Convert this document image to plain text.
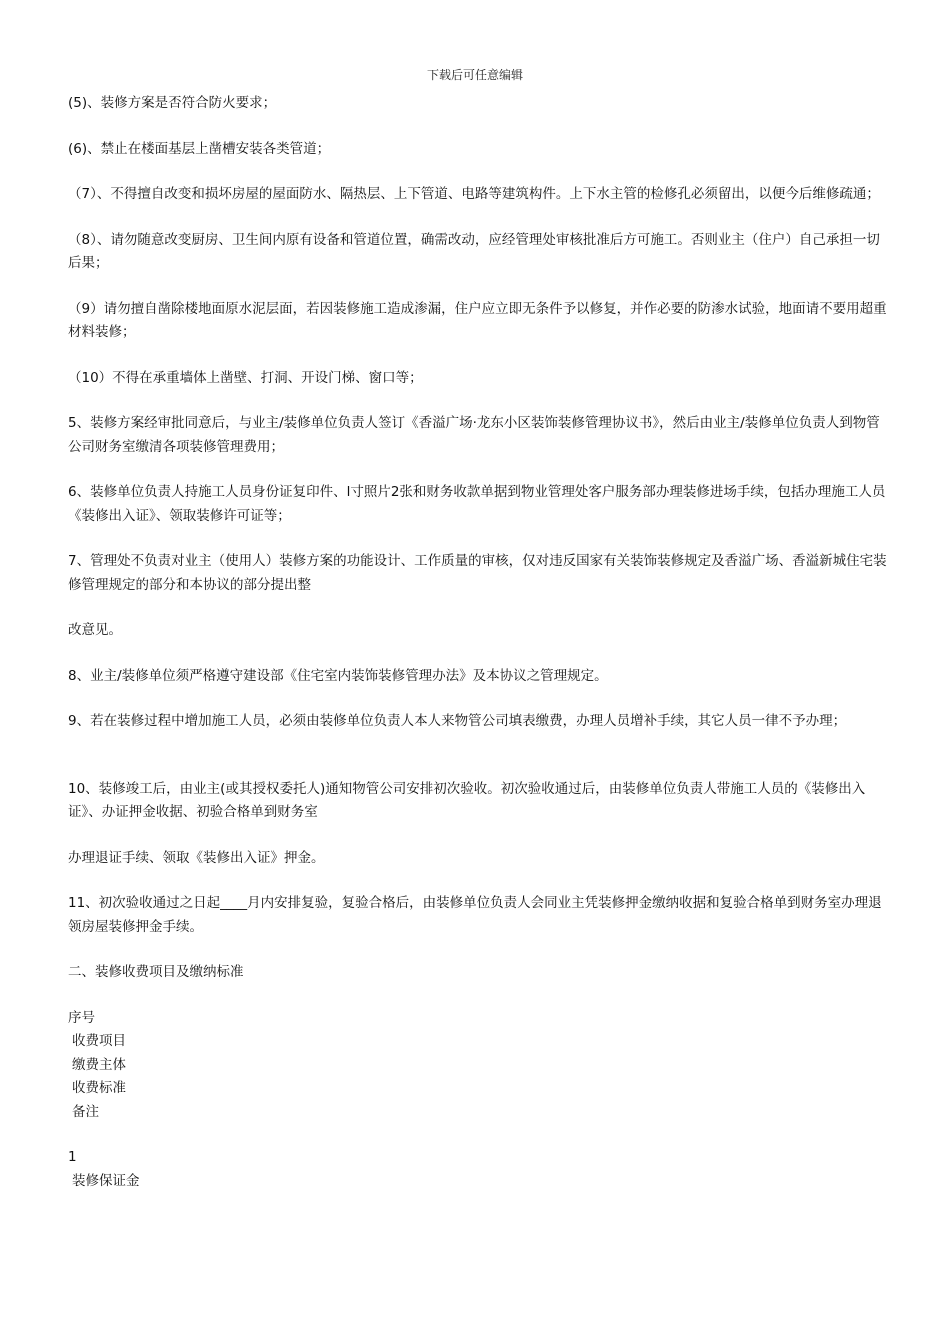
下载后可任意编辑

(5)、装修方案是否符合防火要求；

(6)、禁止在楼面基层上凿槽安装各类管道；

（7）、不得擅自改变和损坏房屋的屋面防水、隔热层、上下管道、电路等建筑构件。上下水主管的检修孔必须留出，以便今后维修疏通；

（8）、请勿随意改变厨房、卫生间内原有设备和管道位置，确需改动，应经管理处审核批准后方可施工。否则业主（住户）自己承担一切后果；

（9）请勿擅自凿除楼地面原水泥层面，若因装修施工造成渗漏，住户应立即无条件予以修复，并作必要的防渗水试验，地面请不要用超重材料装修；

（10）不得在承重墙体上凿壁、打洞、开设门梯、窗口等；

5、装修方案经审批同意后，与业主/装修单位负责人签订《香溢广场·龙东小区装饰装修管理协议书》，然后由业主/装修单位负责人到物管公司财务室缴清各项装修管理费用；

6、装修单位负责人持施工人员身份证复印件、l寸照片2张和财务收款单据到物业管理处客户服务部办理装修进场手续，包括办理施工人员《装修出入证》、领取装修许可证等；

7、管理处不负责对业主（使用人）装修方案的功能设计、工作质量的审核，仅对违反国家有关装饰装修规定及香溢广场、香溢新城住宅装修管理规定的部分和本协议的部分提出整

改意见。

8、业主/装修单位须严格遵守建设部《住宅室内装饰装修管理办法》及本协议之管理规定。

9、若在装修过程中增加施工人员，必须由装修单位负责人本人来物管公司填表缴费，办理人员增补手续，其它人员一律不予办理；

10、装修竣工后，由业主(或其授权委托人)通知物管公司安排初次验收。初次验收通过后，由装修单位负责人带施工人员的《装修出入证》、办证押金收据、初验合格单到财务室

办理退证手续、领取《装修出入证》押金。

11、初次验收通过之日起____月内安排复验，复验合格后，由装修单位负责人会同业主凭装修押金缴纳收据和复验合格单到财务室办理退领房屋装修押金手续。

二、装修收费项目及缴纳标准

序号

收费项目

缴费主体

收费标准

备注

1

装修保证金
